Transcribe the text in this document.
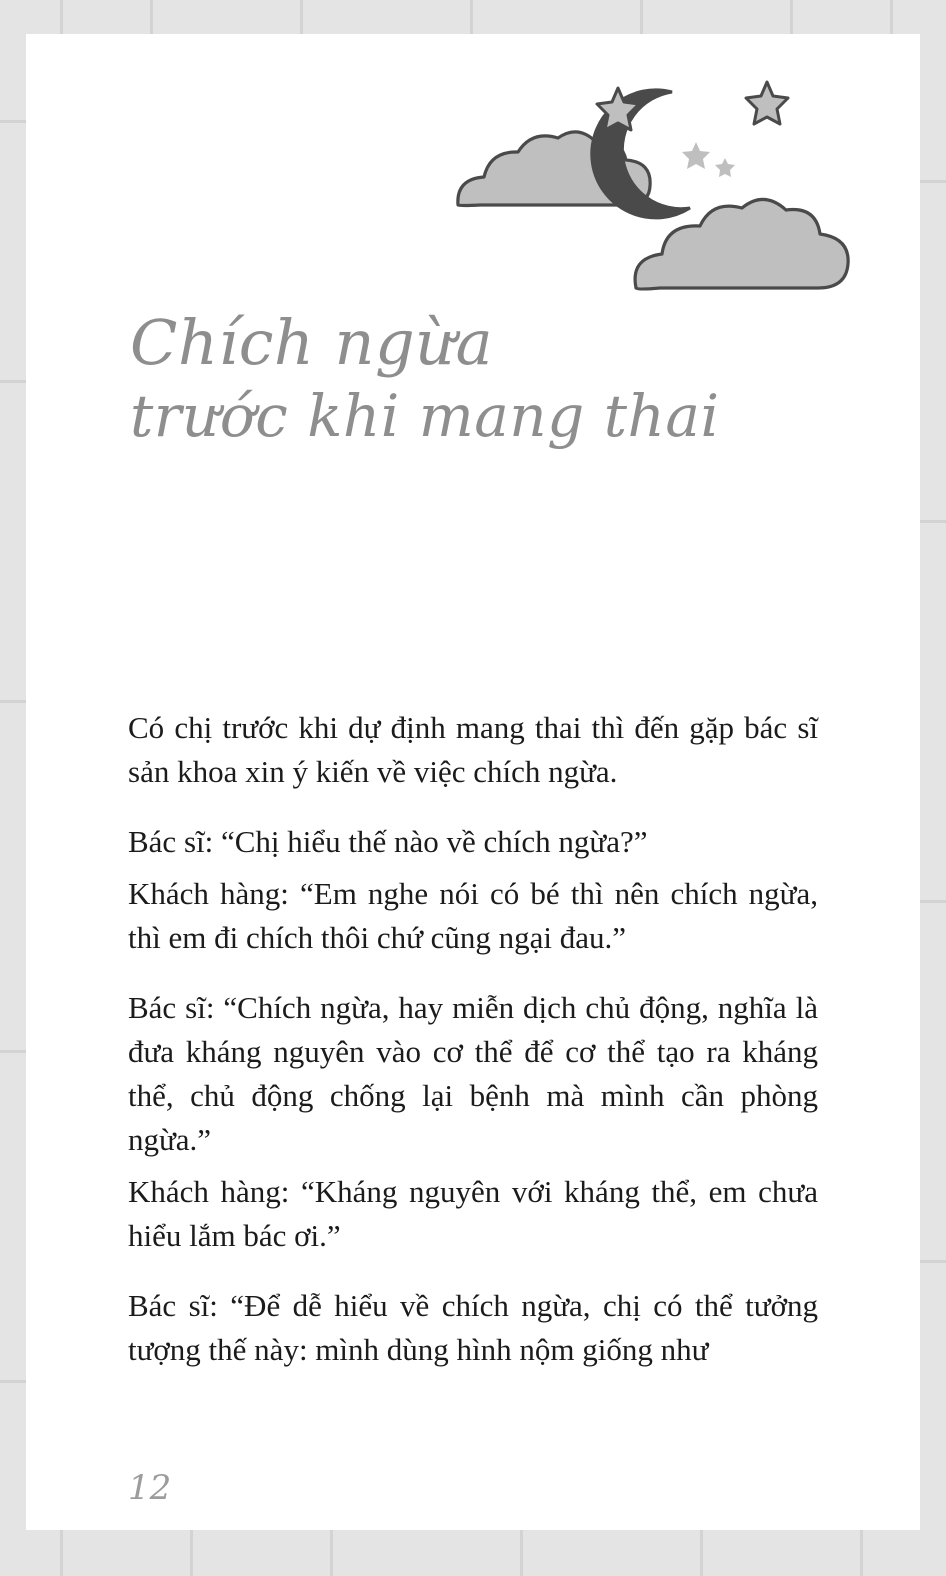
Chích ngừa
trước khi mang thai

Có chị trước khi dự định mang thai thì đến gặp bác sĩ sản khoa xin ý kiến về việc chích ngừa.

Bác sĩ: “Chị hiểu thế nào về chích ngừa?”

Khách hàng: “Em nghe nói có bé thì nên chích ngừa, thì em đi chích thôi chứ cũng ngại đau.”

Bác sĩ: “Chích ngừa, hay miễn dịch chủ động, nghĩa là đưa kháng nguyên vào cơ thể để cơ thể tạo ra kháng thể, chủ động chống lại bệnh mà mình cần phòng ngừa.”

Khách hàng: “Kháng nguyên với kháng thể, em chưa hiểu lắm bác ơi.”

Bác sĩ: “Để dễ hiểu về chích ngừa, chị có thể tưởng tượng thế này: mình dùng hình nộm giống như

12
